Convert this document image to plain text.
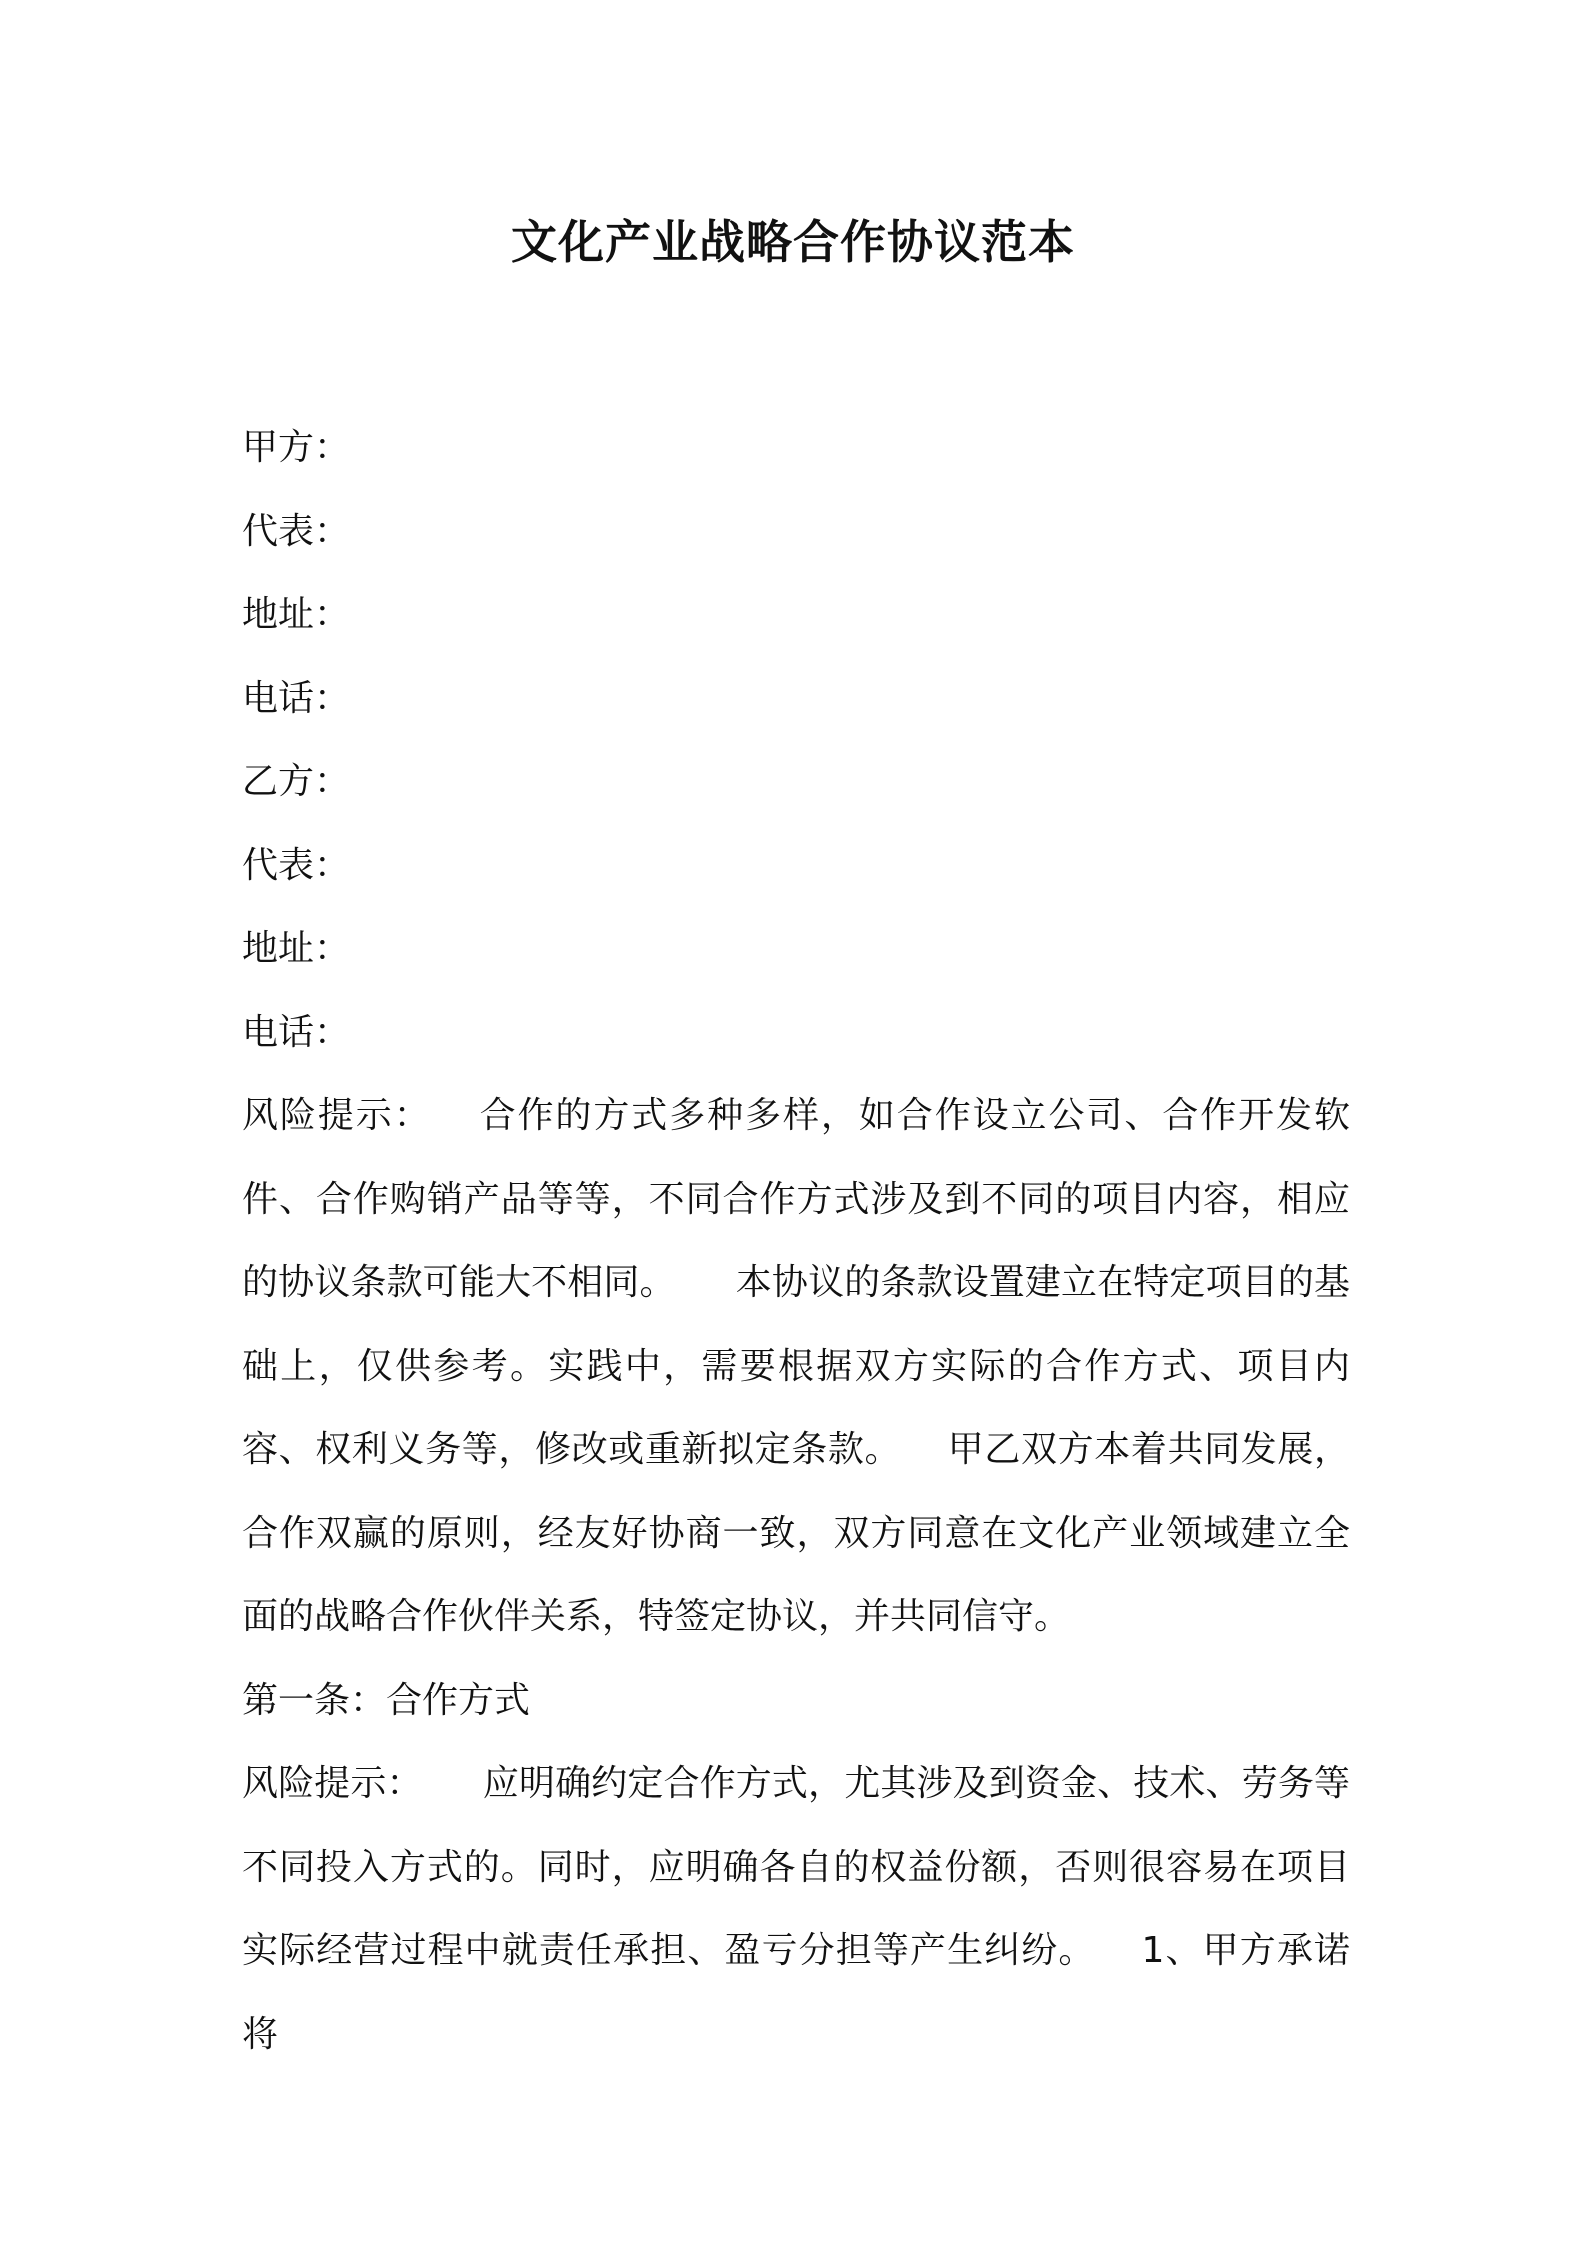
文化产业战略合作协议范本
甲方：
代表：
地址：
电话：
乙方：
代表：
地址：
电话：
风险提示： 合作的方式多种多样，如合作设立公司、合作开发软件、合作购销产品等等，不同合作方式涉及到不同的项目内容，相应的协议条款可能大不相同。 本协议的条款设置建立在特定项目的基础上，仅供参考。实践中，需要根据双方实际的合作方式、项目内容、权利义务等，修改或重新拟定条款。 甲乙双方本着共同发展，合作双赢的原则，经友好协商一致，双方同意在文化产业领域建立全面的战略合作伙伴关系，特签定协议，并共同信守。
第一条：合作方式
风险提示： 应明确约定合作方式，尤其涉及到资金、技术、劳务等不同投入方式的。同时，应明确各自的权益份额，否则很容易在项目实际经营过程中就责任承担、盈亏分担等产生纠纷。 1、甲方承诺将
